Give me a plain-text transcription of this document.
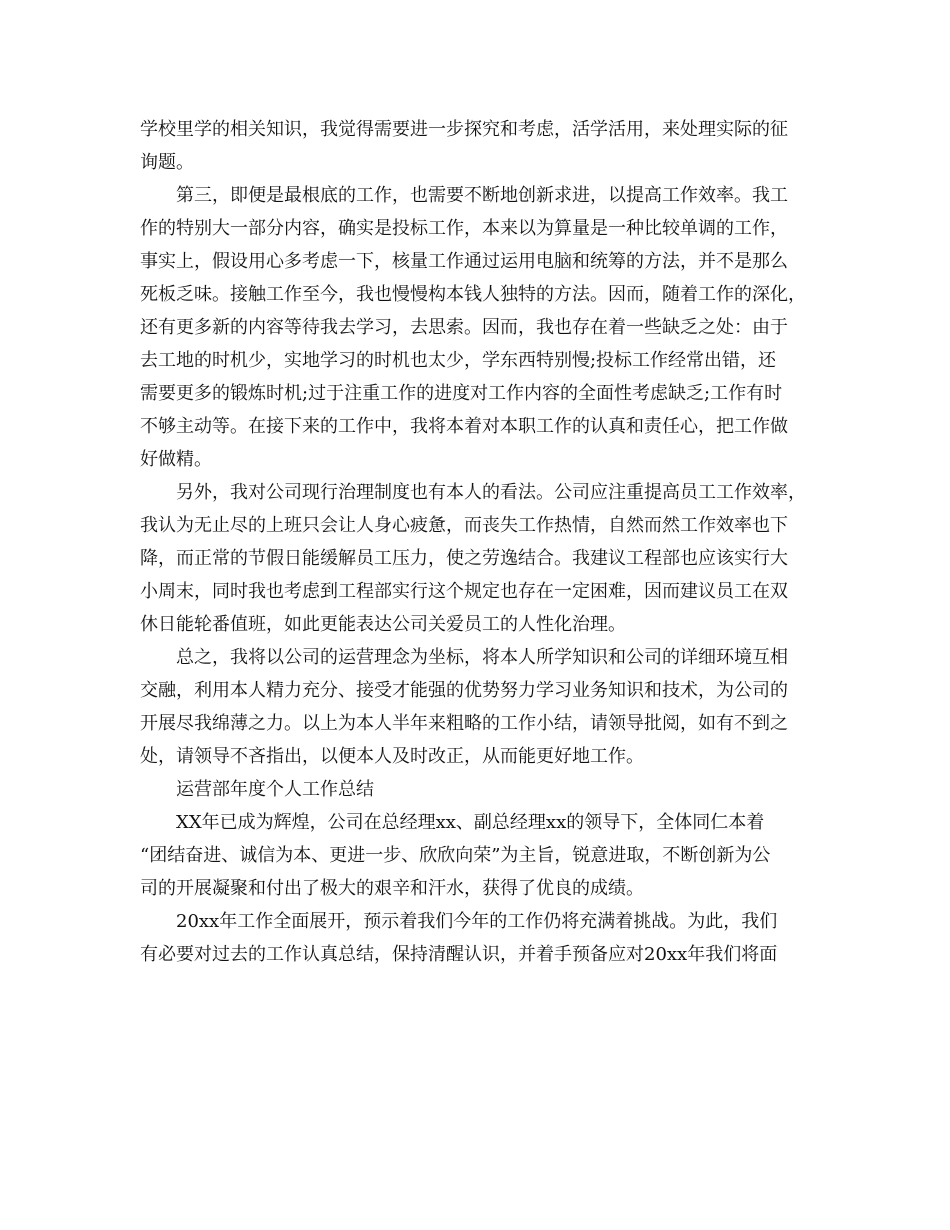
学校里学的相关知识，我觉得需要进一步探究和考虑，活学活用，来处理实际的征
询题。
第三，即便是最根底的工作，也需要不断地创新求进，以提高工作效率。我工
作的特别大一部分内容，确实是投标工作，本来以为算量是一种比较单调的工作，
事实上，假设用心多考虑一下，核量工作通过运用电脑和统筹的方法，并不是那么
死板乏味。接触工作至今，我也慢慢构本钱人独特的方法。因而，随着工作的深化，
还有更多新的内容等待我去学习，去思索。因而，我也存在着一些缺乏之处：由于
去工地的时机少，实地学习的时机也太少，学东西特别慢;投标工作经常出错，还
需要更多的锻炼时机;过于注重工作的进度对工作内容的全面性考虑缺乏;工作有时
不够主动等。在接下来的工作中，我将本着对本职工作的认真和责任心，把工作做
好做精。
另外，我对公司现行治理制度也有本人的看法。公司应注重提高员工工作效率，
我认为无止尽的上班只会让人身心疲惫，而丧失工作热情，自然而然工作效率也下
降，而正常的节假日能缓解员工压力，使之劳逸结合。我建议工程部也应该实行大
小周末，同时我也考虑到工程部实行这个规定也存在一定困难，因而建议员工在双
休日能轮番值班，如此更能表达公司关爱员工的人性化治理。
总之，我将以公司的运营理念为坐标，将本人所学知识和公司的详细环境互相
交融，利用本人精力充分、接受才能强的优势努力学习业务知识和技术，为公司的
开展尽我绵薄之力。以上为本人半年来粗略的工作小结，请领导批阅，如有不到之
处，请领导不吝指出，以便本人及时改正，从而能更好地工作。
运营部年度个人工作总结
XX年已成为辉煌，公司在总经理xx、副总经理xx的领导下，全体同仁本着
“团结奋进、诚信为本、更进一步、欣欣向荣”为主旨，锐意进取，不断创新为公
司的开展凝聚和付出了极大的艰辛和汗水，获得了优良的成绩。
20xx年工作全面展开，预示着我们今年的工作仍将充满着挑战。为此，我们
有必要对过去的工作认真总结，保持清醒认识，并着手预备应对20xx年我们将面
